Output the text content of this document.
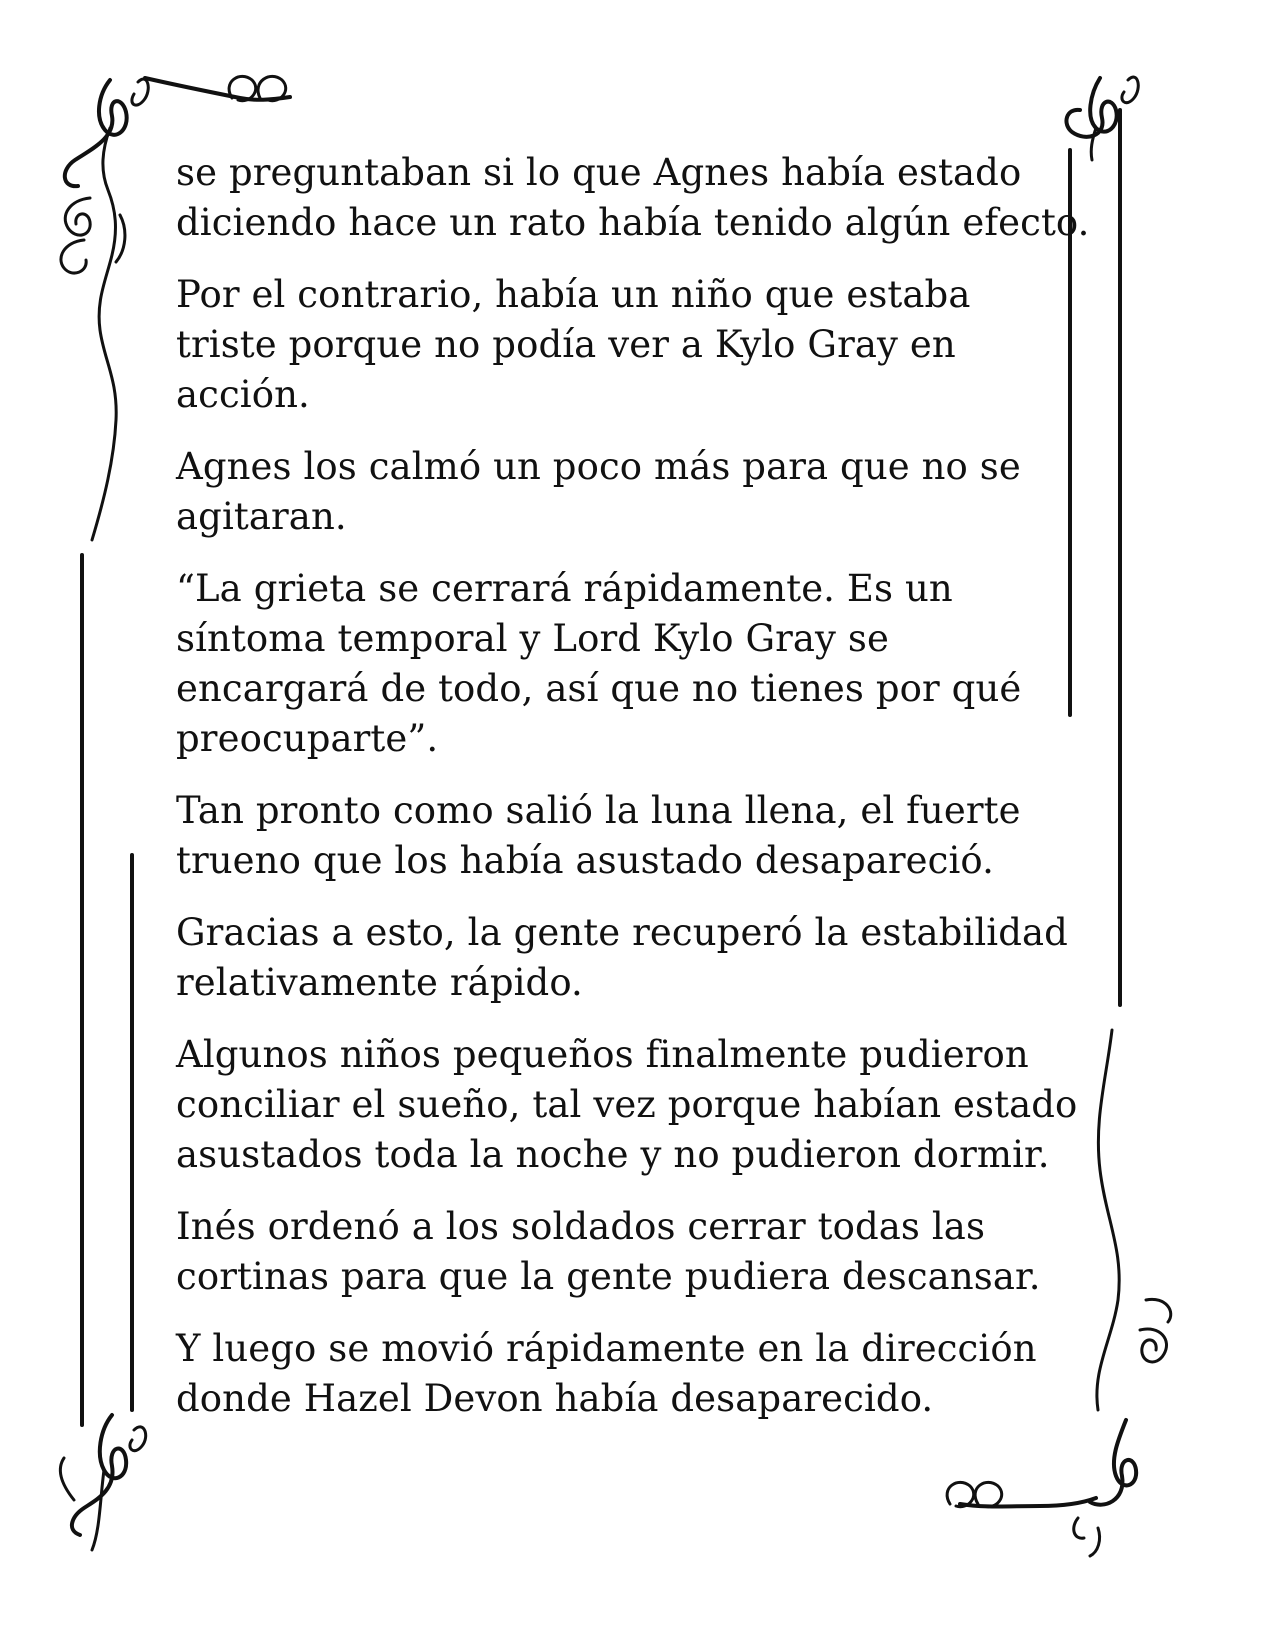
se preguntaban si lo que Agnes había estado
diciendo hace un rato había tenido algún efecto.

Por el contrario, había un niño que estaba
triste porque no podía ver a Kylo Gray en
acción.

Agnes los calmó un poco más para que no se
agitaran.

“La grieta se cerrará rápidamente. Es un
síntoma temporal y Lord Kylo Gray se
encargará de todo, así que no tienes por qué
preocuparte”.

Tan pronto como salió la luna llena, el fuerte
trueno que los había asustado desapareció.

Gracias a esto, la gente recuperó la estabilidad
relativamente rápido.

Algunos niños pequeños finalmente pudieron
conciliar el sueño, tal vez porque habían estado
asustados toda la noche y no pudieron dormir.

Inés ordenó a los soldados cerrar todas las
cortinas para que la gente pudiera descansar.

Y luego se movió rápidamente en la dirección
donde Hazel Devon había desaparecido.
